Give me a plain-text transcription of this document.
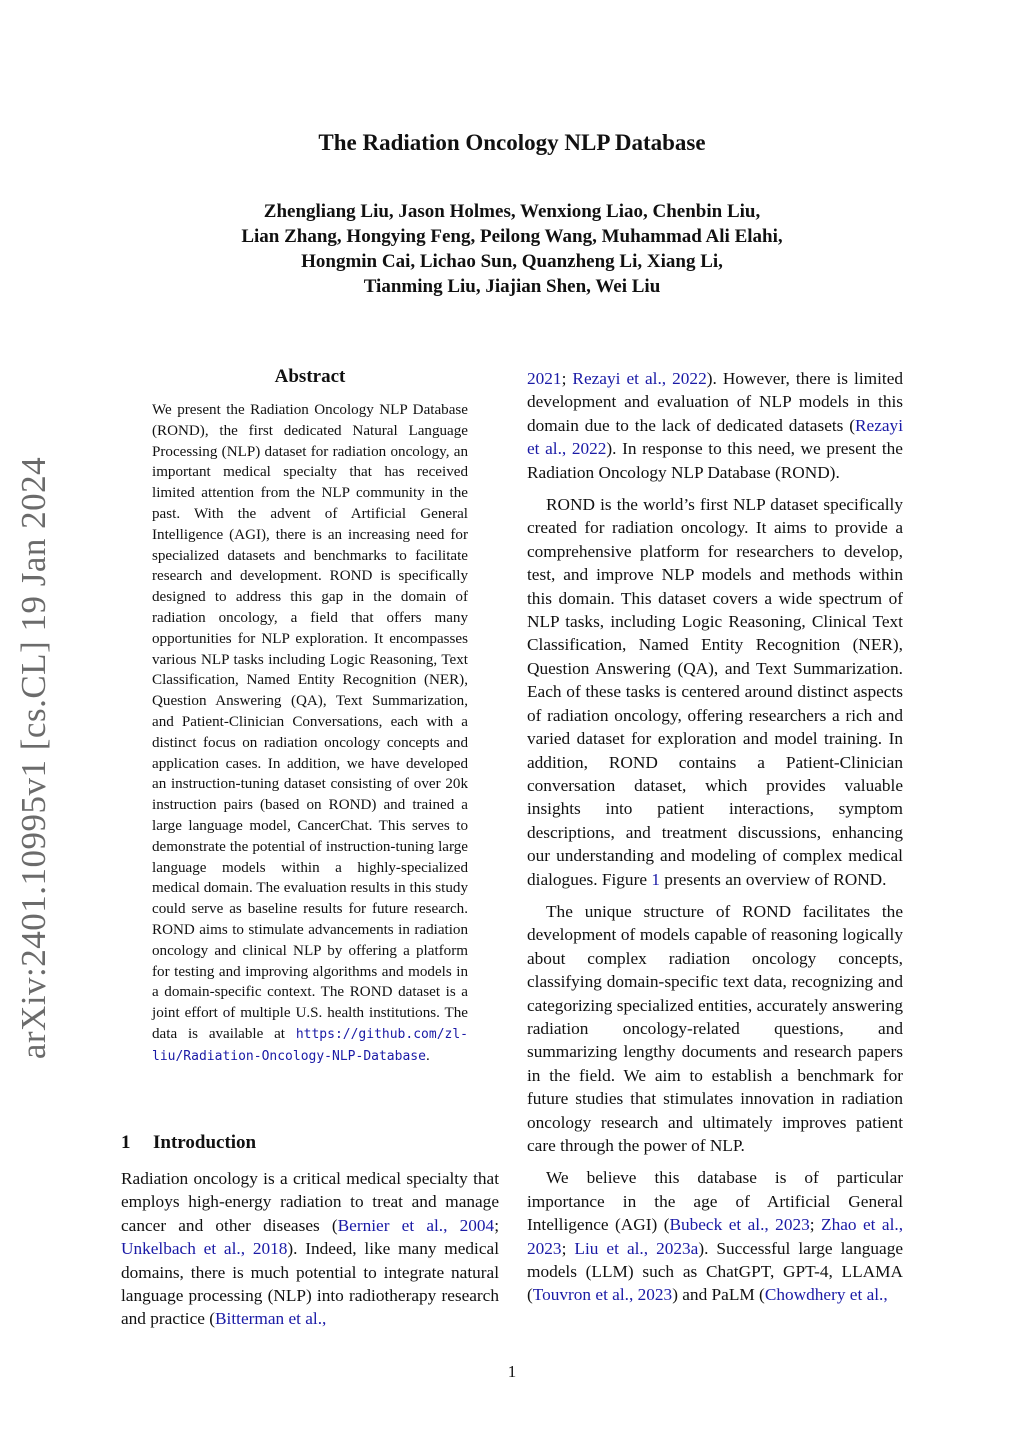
The Radiation Oncology NLP Database
Zhengliang Liu, Jason Holmes, Wenxiong Liao, Chenbin Liu,
Lian Zhang, Hongying Feng, Peilong Wang, Muhammad Ali Elahi,
Hongmin Cai, Lichao Sun, Quanzheng Li, Xiang Li,
Tianming Liu, Jiajian Shen, Wei Liu
arXiv:2401.10995v1 [cs.CL] 19 Jan 2024
Abstract
We present the Radiation Oncology NLP Database (ROND), the first dedicated Natural Language Processing (NLP) dataset for radiation oncology, an important medical specialty that has received limited attention from the NLP community in the past. With the advent of Artificial General Intelligence (AGI), there is an increasing need for specialized datasets and benchmarks to facilitate research and development. ROND is specifically designed to address this gap in the domain of radiation oncology, a field that offers many opportunities for NLP exploration. It encompasses various NLP tasks including Logic Reasoning, Text Classification, Named Entity Recognition (NER), Question Answering (QA), Text Summarization, and Patient-Clinician Conversations, each with a distinct focus on radiation oncology concepts and application cases. In addition, we have developed an instruction-tuning dataset consisting of over 20k instruction pairs (based on ROND) and trained a large language model, CancerChat. This serves to demonstrate the potential of instruction-tuning large language models within a highly-specialized medical domain. The evaluation results in this study could serve as baseline results for future research. ROND aims to stimulate advancements in radiation oncology and clinical NLP by offering a platform for testing and improving algorithms and models in a domain-specific context. The ROND dataset is a joint effort of multiple U.S. health institutions. The data is available at https://github.com/zl-liu/Radiation-Oncology-NLP-Database.
1 Introduction
Radiation oncology is a critical medical specialty that employs high-energy radiation to treat and manage cancer and other diseases (Bernier et al., 2004; Unkelbach et al., 2018). Indeed, like many medical domains, there is much potential to integrate natural language processing (NLP) into radiotherapy research and practice (Bitterman et al.,

2021; Rezayi et al., 2022). However, there is limited development and evaluation of NLP models in this domain due to the lack of dedicated datasets (Rezayi et al., 2022). In response to this need, we present the Radiation Oncology NLP Database (ROND).

ROND is the world’s first NLP dataset specifically created for radiation oncology. It aims to provide a comprehensive platform for researchers to develop, test, and improve NLP models and methods within this domain. This dataset covers a wide spectrum of NLP tasks, including Logic Reasoning, Clinical Text Classification, Named Entity Recognition (NER), Question Answering (QA), and Text Summarization. Each of these tasks is centered around distinct aspects of radiation oncology, offering researchers a rich and varied dataset for exploration and model training. In addition, ROND contains a Patient-Clinician conversation dataset, which provides valuable insights into patient interactions, symptom descriptions, and treatment discussions, enhancing our understanding and modeling of complex medical dialogues. Figure 1 presents an overview of ROND.

The unique structure of ROND facilitates the development of models capable of reasoning logically about complex radiation oncology concepts, classifying domain-specific text data, recognizing and categorizing specialized entities, accurately answering radiation oncology-related questions, and summarizing lengthy documents and research papers in the field. We aim to establish a benchmark for future studies that stimulates innovation in radiation oncology research and ultimately improves patient care through the power of NLP.

We believe this database is of particular importance in the age of Artificial General Intelligence (AGI) (Bubeck et al., 2023; Zhao et al., 2023; Liu et al., 2023a). Successful large language models (LLM) such as ChatGPT, GPT-4, LLAMA (Touvron et al., 2023) and PaLM (Chowdhery et al.,

1
